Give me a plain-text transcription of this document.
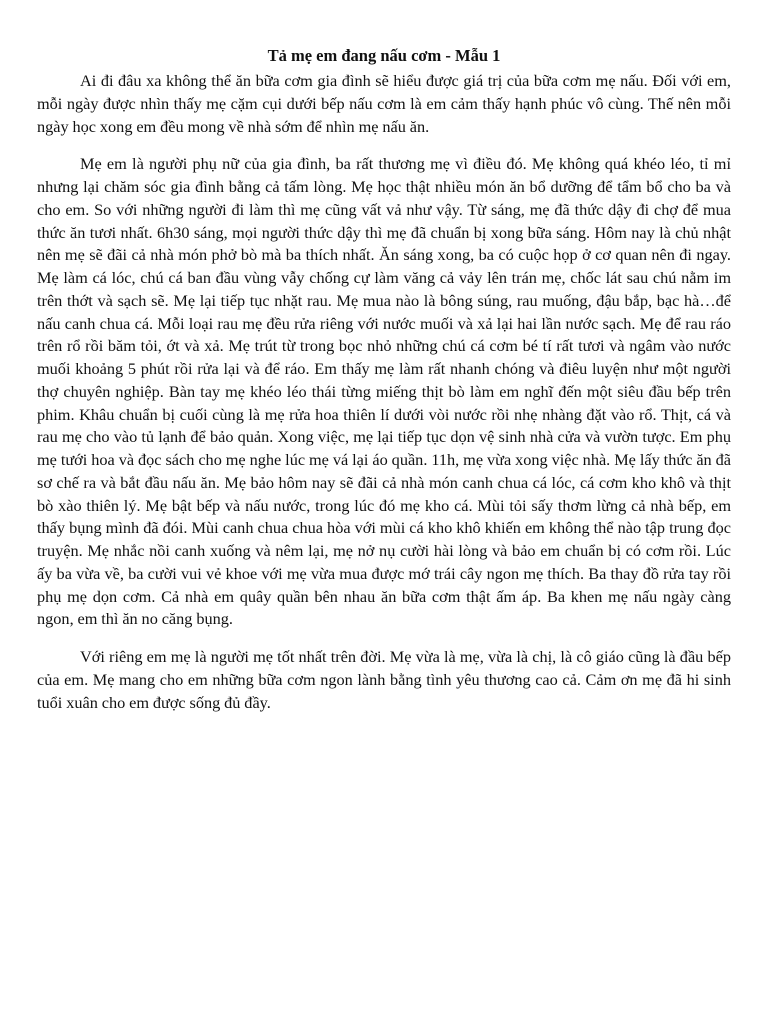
Tả mẹ em đang nấu cơm - Mẫu 1

Ai đi đâu xa không thể ăn bữa cơm gia đình sẽ hiểu được giá trị của bữa cơm mẹ nấu. Đối với em, mỗi ngày được nhìn thấy mẹ cặm cụi dưới bếp nấu cơm là em cảm thấy hạnh phúc vô cùng. Thế nên mỗi ngày học xong em đều mong về nhà sớm để nhìn mẹ nấu ăn.

Mẹ em là người phụ nữ của gia đình, ba rất thương mẹ vì điều đó. Mẹ không quá khéo léo, tỉ mỉ nhưng lại chăm sóc gia đình bằng cả tấm lòng. Mẹ học thật nhiều món ăn bổ dưỡng để tẩm bổ cho ba và cho em. So với những người đi làm thì mẹ cũng vất vả như vậy. Từ sáng, mẹ đã thức dậy đi chợ để mua thức ăn tươi nhất. 6h30 sáng, mọi người thức dậy thì mẹ đã chuẩn bị xong bữa sáng. Hôm nay là chủ nhật nên mẹ sẽ đãi cả nhà món phở bò mà ba thích nhất. Ăn sáng xong, ba có cuộc họp ở cơ quan nên đi ngay. Mẹ làm cá lóc, chú cá ban đầu vùng vẫy chống cự làm văng cả vảy lên trán mẹ, chốc lát sau chú nằm im trên thớt và sạch sẽ. Mẹ lại tiếp tục nhặt rau. Mẹ mua nào là bông súng, rau muống, đậu bắp, bạc hà…để nấu canh chua cá. Mỗi loại rau mẹ đều rửa riêng với nước muối và xả lại hai lần nước sạch. Mẹ để rau ráo trên rổ rồi băm tỏi, ớt và xả. Mẹ trút từ trong bọc nhỏ những chú cá cơm bé tí rất tươi và ngâm vào nước muối khoảng 5 phút rồi rửa lại và để ráo. Em thấy mẹ làm rất nhanh chóng và điêu luyện như một người thợ chuyên nghiệp. Bàn tay mẹ khéo léo thái từng miếng thịt bò làm em nghĩ đến một siêu đầu bếp trên phim. Khâu chuẩn bị cuối cùng là mẹ rửa hoa thiên lí dưới vòi nước rồi nhẹ nhàng đặt vào rổ. Thịt, cá và rau mẹ cho vào tủ lạnh để bảo quản. Xong việc, mẹ lại tiếp tục dọn vệ sinh nhà cửa và vườn tược. Em phụ mẹ tưới hoa và đọc sách cho mẹ nghe lúc mẹ vá lại áo quần. 11h, mẹ vừa xong việc nhà. Mẹ lấy thức ăn đã sơ chế ra và bắt đầu nấu ăn. Mẹ bảo hôm nay sẽ đãi cả nhà món canh chua cá lóc, cá cơm kho khô và thịt bò xào thiên lý. Mẹ bật bếp và nấu nước, trong lúc đó mẹ kho cá. Mùi tỏi sấy thơm lừng cả nhà bếp, em thấy bụng mình đã đói. Mùi canh chua chua hòa với mùi cá kho khô khiến em không thể nào tập trung đọc truyện. Mẹ nhắc nồi canh xuống và nêm lại, mẹ nở nụ cười hài lòng và bảo em chuẩn bị có cơm rồi. Lúc ấy ba vừa về, ba cười vui vẻ khoe với mẹ vừa mua được mớ trái cây ngon mẹ thích. Ba thay đồ rửa tay rồi phụ mẹ dọn cơm. Cả nhà em quây quần bên nhau ăn bữa cơm thật ấm áp. Ba khen mẹ nấu ngày càng ngon, em thì ăn no căng bụng.

Với riêng em mẹ là người mẹ tốt nhất trên đời. Mẹ vừa là mẹ, vừa là chị, là cô giáo cũng là đầu bếp của em. Mẹ mang cho em những bữa cơm ngon lành bằng tình yêu thương cao cả. Cảm ơn mẹ đã hi sinh tuổi xuân cho em được sống đủ đầy.
